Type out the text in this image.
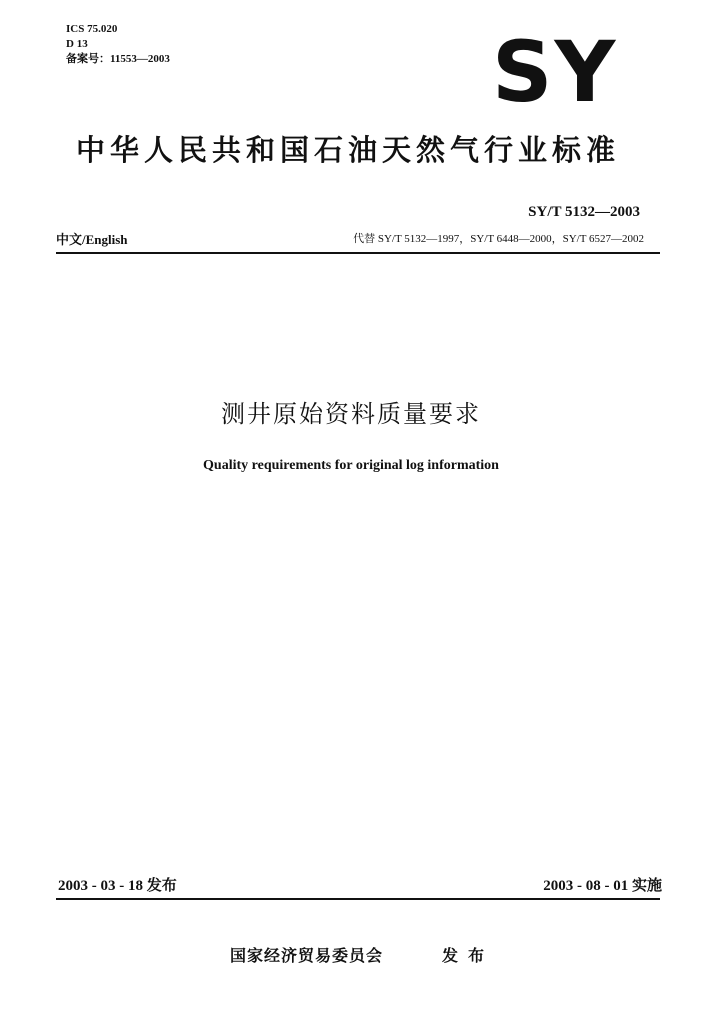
ICS 75.020
D 13
备案号：11553—2003	SY
中华人民共和国石油天然气行业标准
SY/T 5132—2003
中文/English	代替 SY/T 5132—1997，SY/T 6448—2000，SY/T 6527—2002
测井原始资料质量要求
Quality requirements for original log information
2003 - 03 - 18 发布	2003 - 08 - 01 实施
国家经济贸易委员会	发布
